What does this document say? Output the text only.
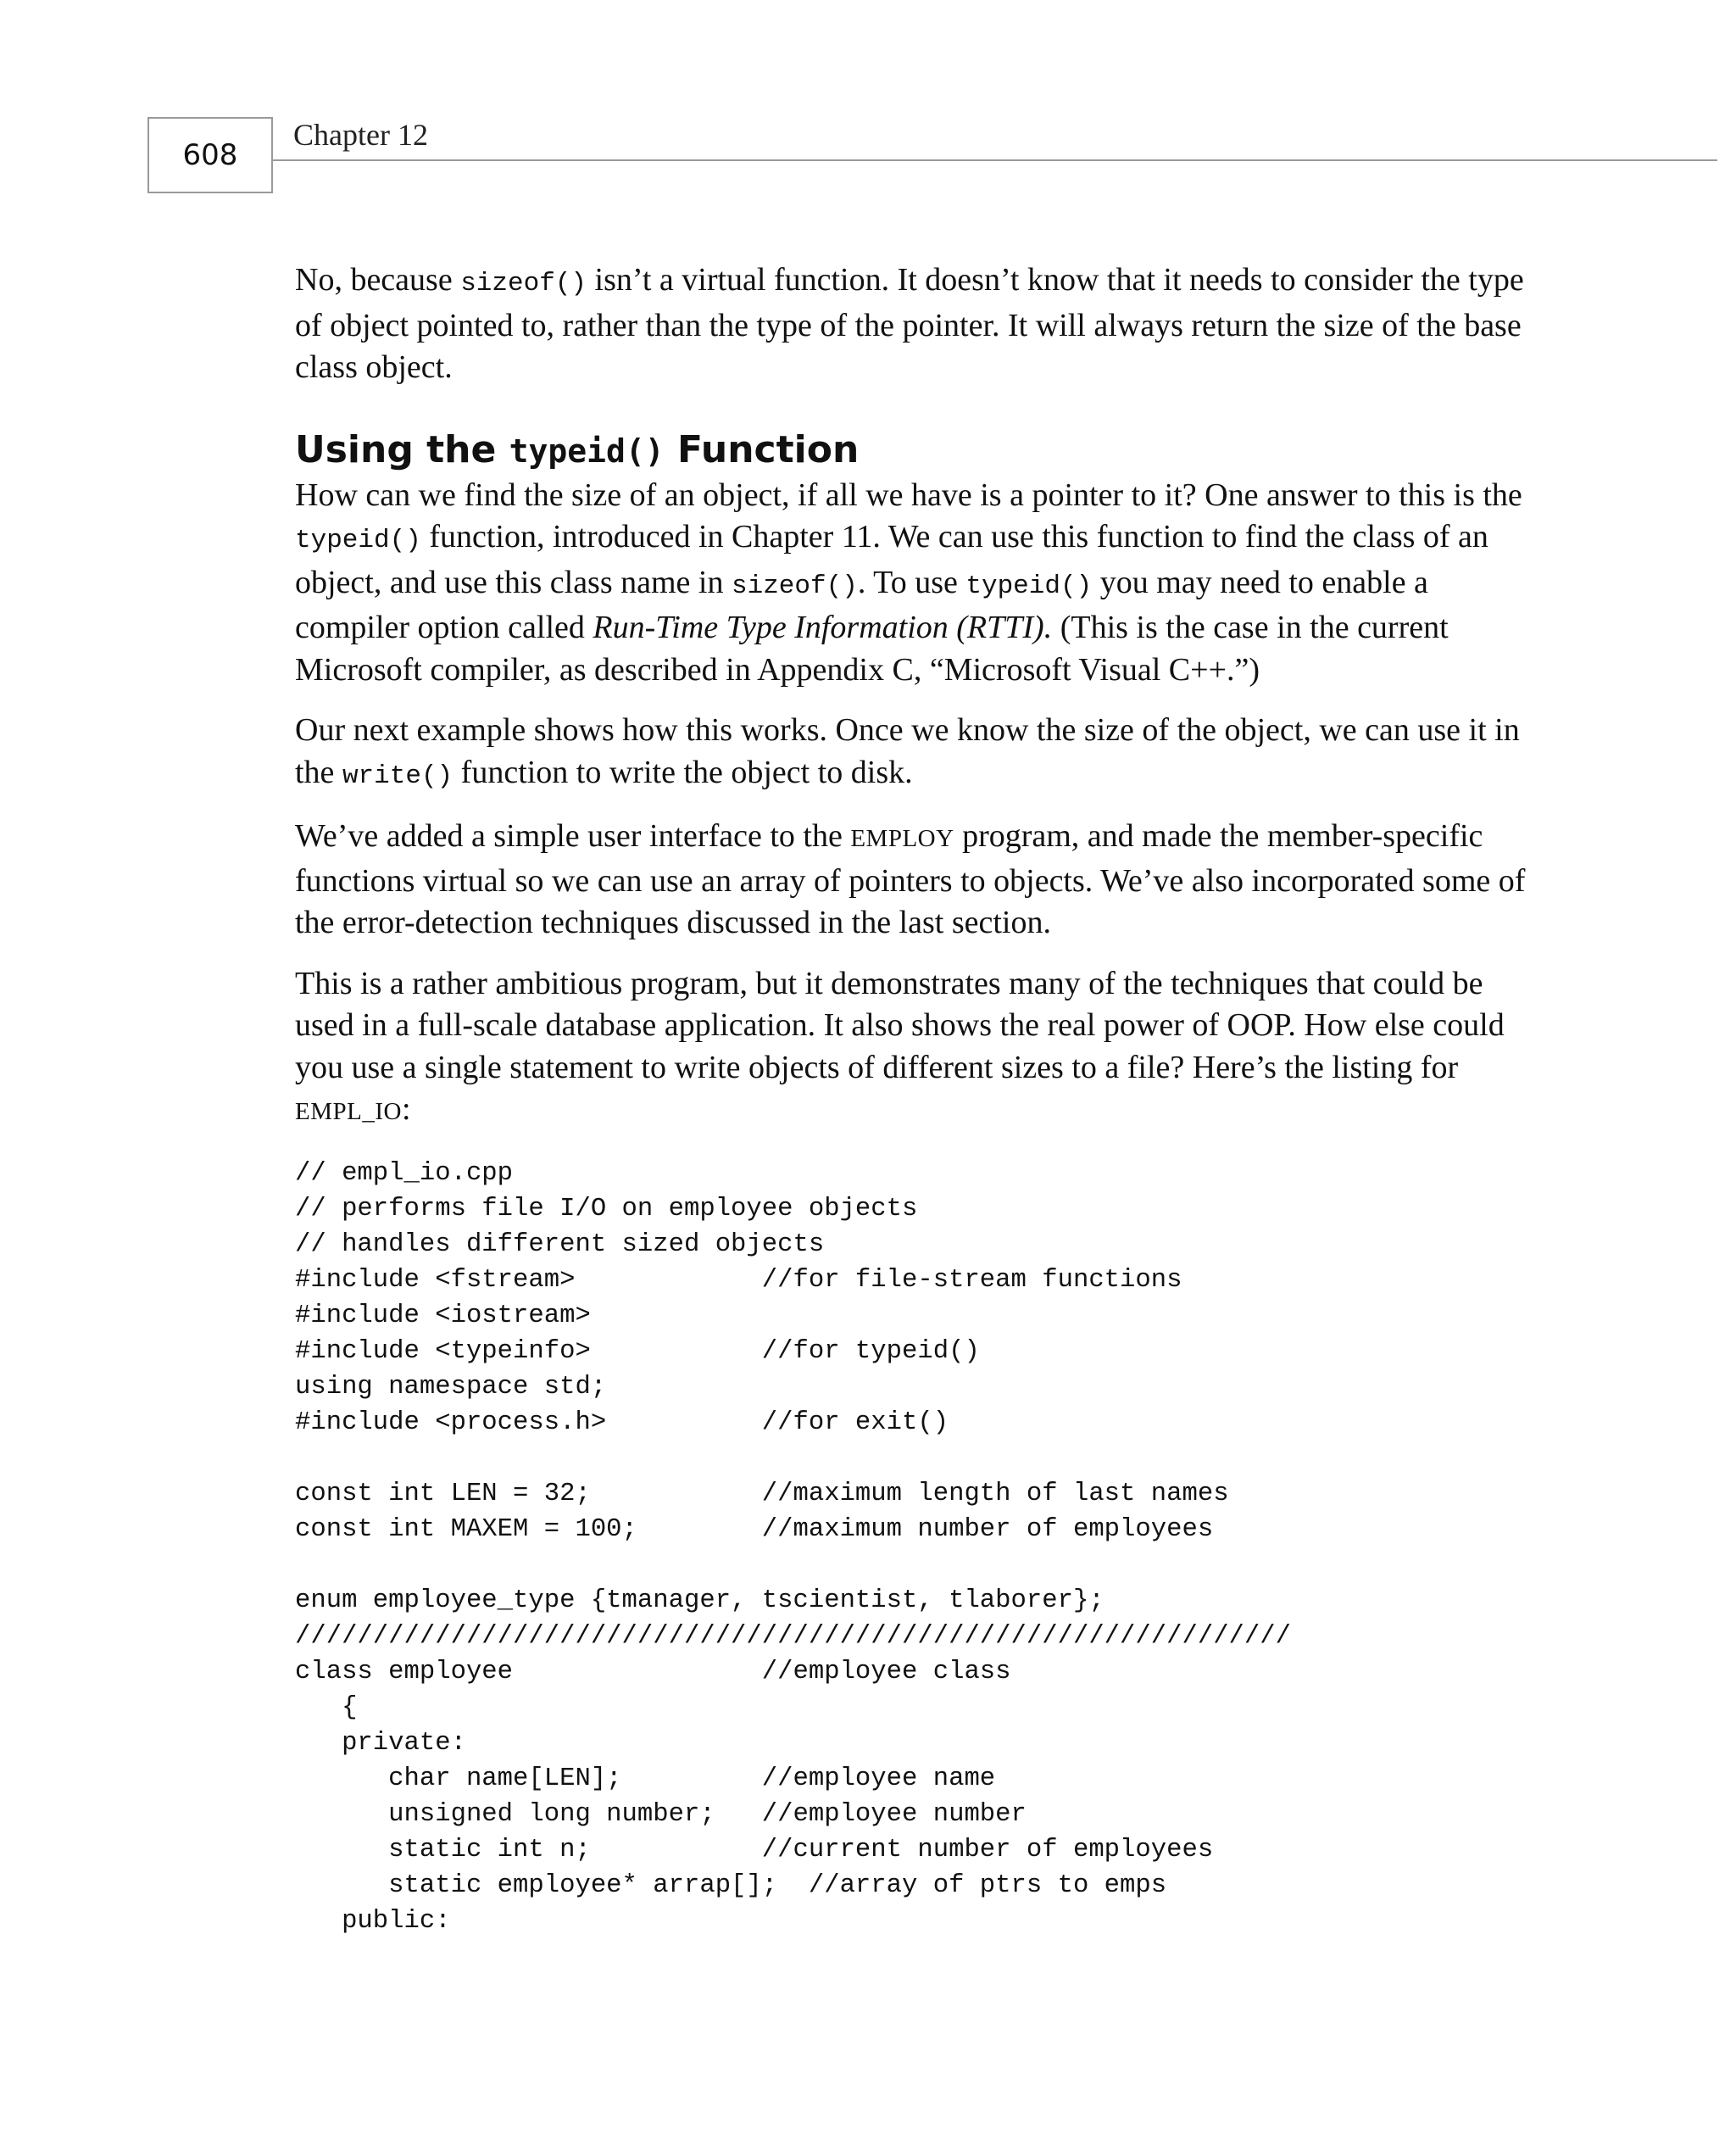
608
Chapter 12

No, because sizeof() isn’t a virtual function. It doesn’t know that it needs to consider the type of object pointed to, rather than the type of the pointer. It will always return the size of the base class object.

Using the typeid() Function

How can we find the size of an object, if all we have is a pointer to it? One answer to this is the typeid() function, introduced in Chapter 11. We can use this function to find the class of an object, and use this class name in sizeof(). To use typeid() you may need to enable a compiler option called Run-Time Type Information (RTTI). (This is the case in the current Microsoft compiler, as described in Appendix C, “Microsoft Visual C++.”)

Our next example shows how this works. Once we know the size of the object, we can use it in the write() function to write the object to disk.

We’ve added a simple user interface to the EMPLOY program, and made the member-specific functions virtual so we can use an array of pointers to objects. We’ve also incorporated some of the error-detection techniques discussed in the last section.

This is a rather ambitious program, but it demonstrates many of the techniques that could be used in a full-scale database application. It also shows the real power of OOP. How else could you use a single statement to write objects of different sizes to a file? Here’s the listing for EMPL_IO:

// empl_io.cpp
// performs file I/O on employee objects
// handles different sized objects
#include <fstream>            //for file-stream functions
#include <iostream>
#include <typeinfo>           //for typeid()
using namespace std;
#include <process.h>          //for exit()

const int LEN = 32;           //maximum length of last names
const int MAXEM = 100;        //maximum number of employees

enum employee_type {tmanager, tscientist, tlaborer};
////////////////////////////////////////////////////////////////
class employee                //employee class
{
private:
char name[LEN];         //employee name
unsigned long number;   //employee number
static int n;           //current number of employees
static employee* arrap[];  //array of ptrs to emps
public:
